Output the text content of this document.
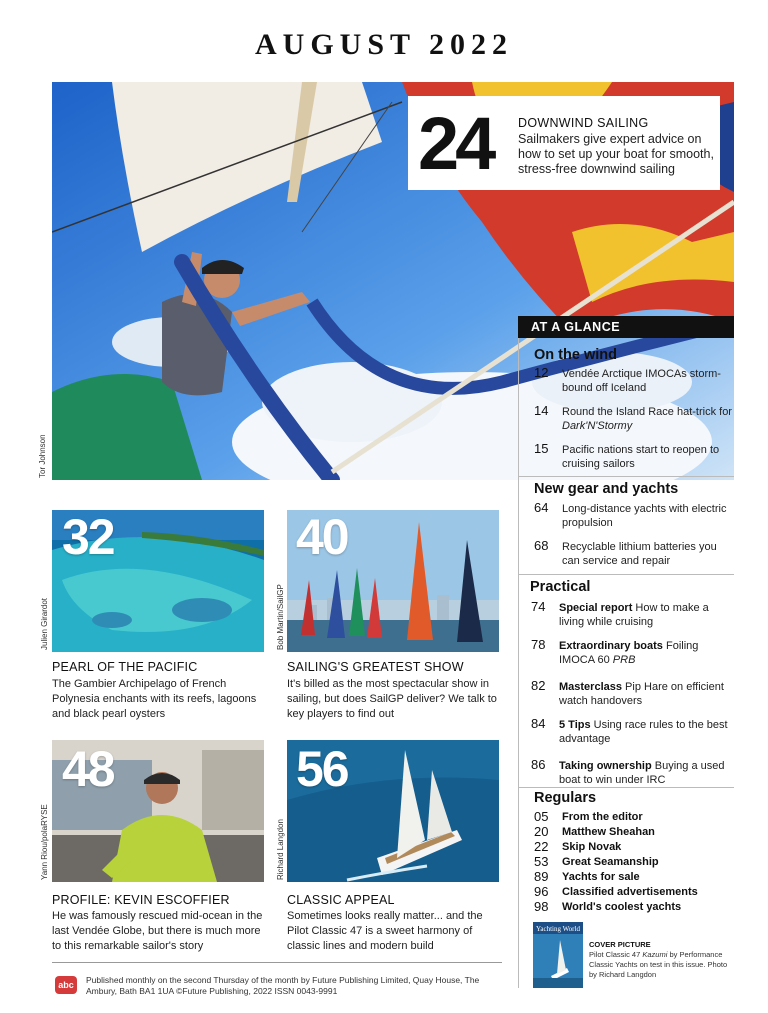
AUGUST 2022
Tor Johnson
24 DOWNWIND SAILING
Sailmakers give expert advice on how to set up your boat for smooth, stress-free downwind sailing
AT A GLANCE
On the wind
12 Vendée Arctique IMOCAs storm-bound off Iceland
14 Round the Island Race hat-trick for Dark'N'Stormy
15 Pacific nations start to reopen to cruising sailors
New gear and yachts
64 Long-distance yachts with electric propulsion
68 Recyclable lithium batteries you can service and repair
Practical
74 Special report How to make a living while cruising
78 Extraordinary boats Foiling IMOCA 60 PRB
82 Masterclass Pip Hare on efficient watch handovers
84 5 Tips Using race rules to the best advantage
86 Taking ownership Buying a used boat to win under IRC
Regulars
05 From the editor
20 Matthew Sheahan
22 Skip Novak
53 Great Seamanship
89 Yachts for sale
96 Classified advertisements
98 World's coolest yachts
32
Julien Girardot
PEARL OF THE PACIFIC
The Gambier Archipelago of French Polynesia enchants with its reefs, lagoons and black pearl oysters
40
Bob Martin/SailGP
SAILING'S GREATEST SHOW
It's billed as the most spectacular show in sailing, but does SailGP deliver? We talk to key players to find out
48
Yann Riou/polaRYSE
PROFILE: KEVIN ESCOFFIER
He was famously rescued mid-ocean in the last Vendée Globe, but there is much more to this remarkable sailor's story
56
Richard Langdon
CLASSIC APPEAL
Sometimes looks really matter... and the Pilot Classic 47 is a sweet harmony of classic lines and modern build
abc	Published monthly on the second Thursday of the month by Future Publishing Limited, Quay House, The Ambury, Bath BA1 1UA ©Future Publishing, 2022 ISSN 0043-9991
Yachting World
COVER PICTURE
Pilot Classic 47 Kazumi by Performance Classic Yachts on test in this issue. Photo by Richard Langdon
